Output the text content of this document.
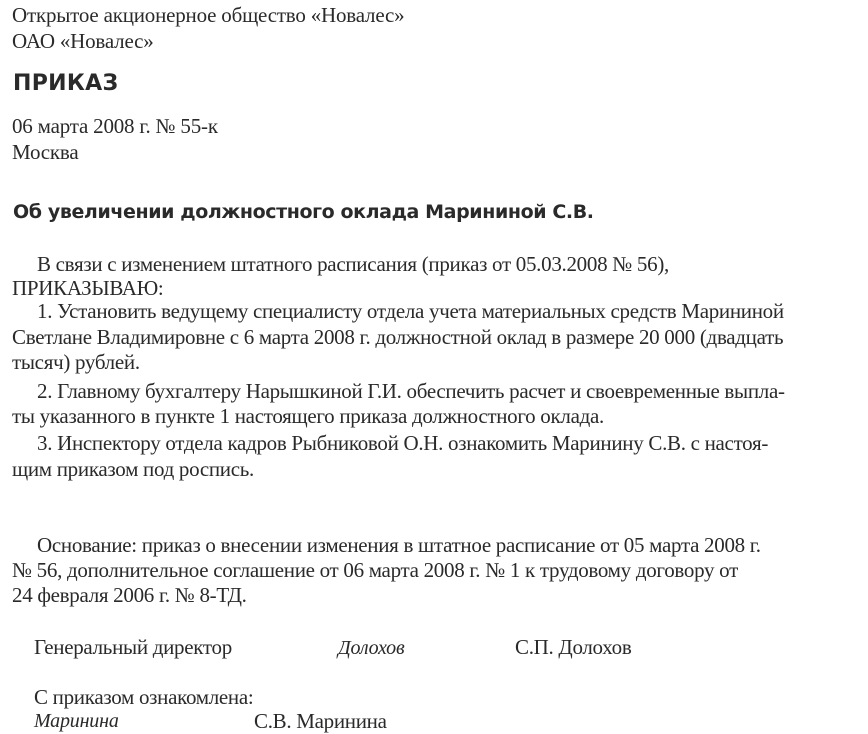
Открытое акционерное общество «Новалес»
ОАО «Новалес»
ПРИКАЗ
06 марта 2008 г. № 55-к
Москва
Об увеличении должностного оклада Марининой С.В.
В связи с изменением штатного расписания (приказ от 05.03.2008 № 56),
ПРИКАЗЫВАЮ:
1. Установить ведущему специалисту отдела учета материальных средств Марининой
Светлане Владимировне с 6 марта 2008 г. должностной оклад в размере 20 000 (двадцать
тысяч) рублей.
2. Главному бухгалтеру Нарышкиной Г.И. обеспечить расчет и своевременные выпла-
ты указанного в пункте 1 настоящего приказа должностного оклада.
3. Инспектору отдела кадров Рыбниковой О.Н. ознакомить Маринину С.В. с настоя-
щим приказом под роспись.
Основание: приказ о внесении изменения в штатное расписание от 05 марта 2008 г.
№ 56, дополнительное соглашение от 06 марта 2008 г. № 1 к трудовому договору от
24 февраля 2006 г. № 8-ТД.
Генеральный директор	Долохов	С.П. Долохов
С приказом ознакомлена:
Маринина	С.В. Маринина
